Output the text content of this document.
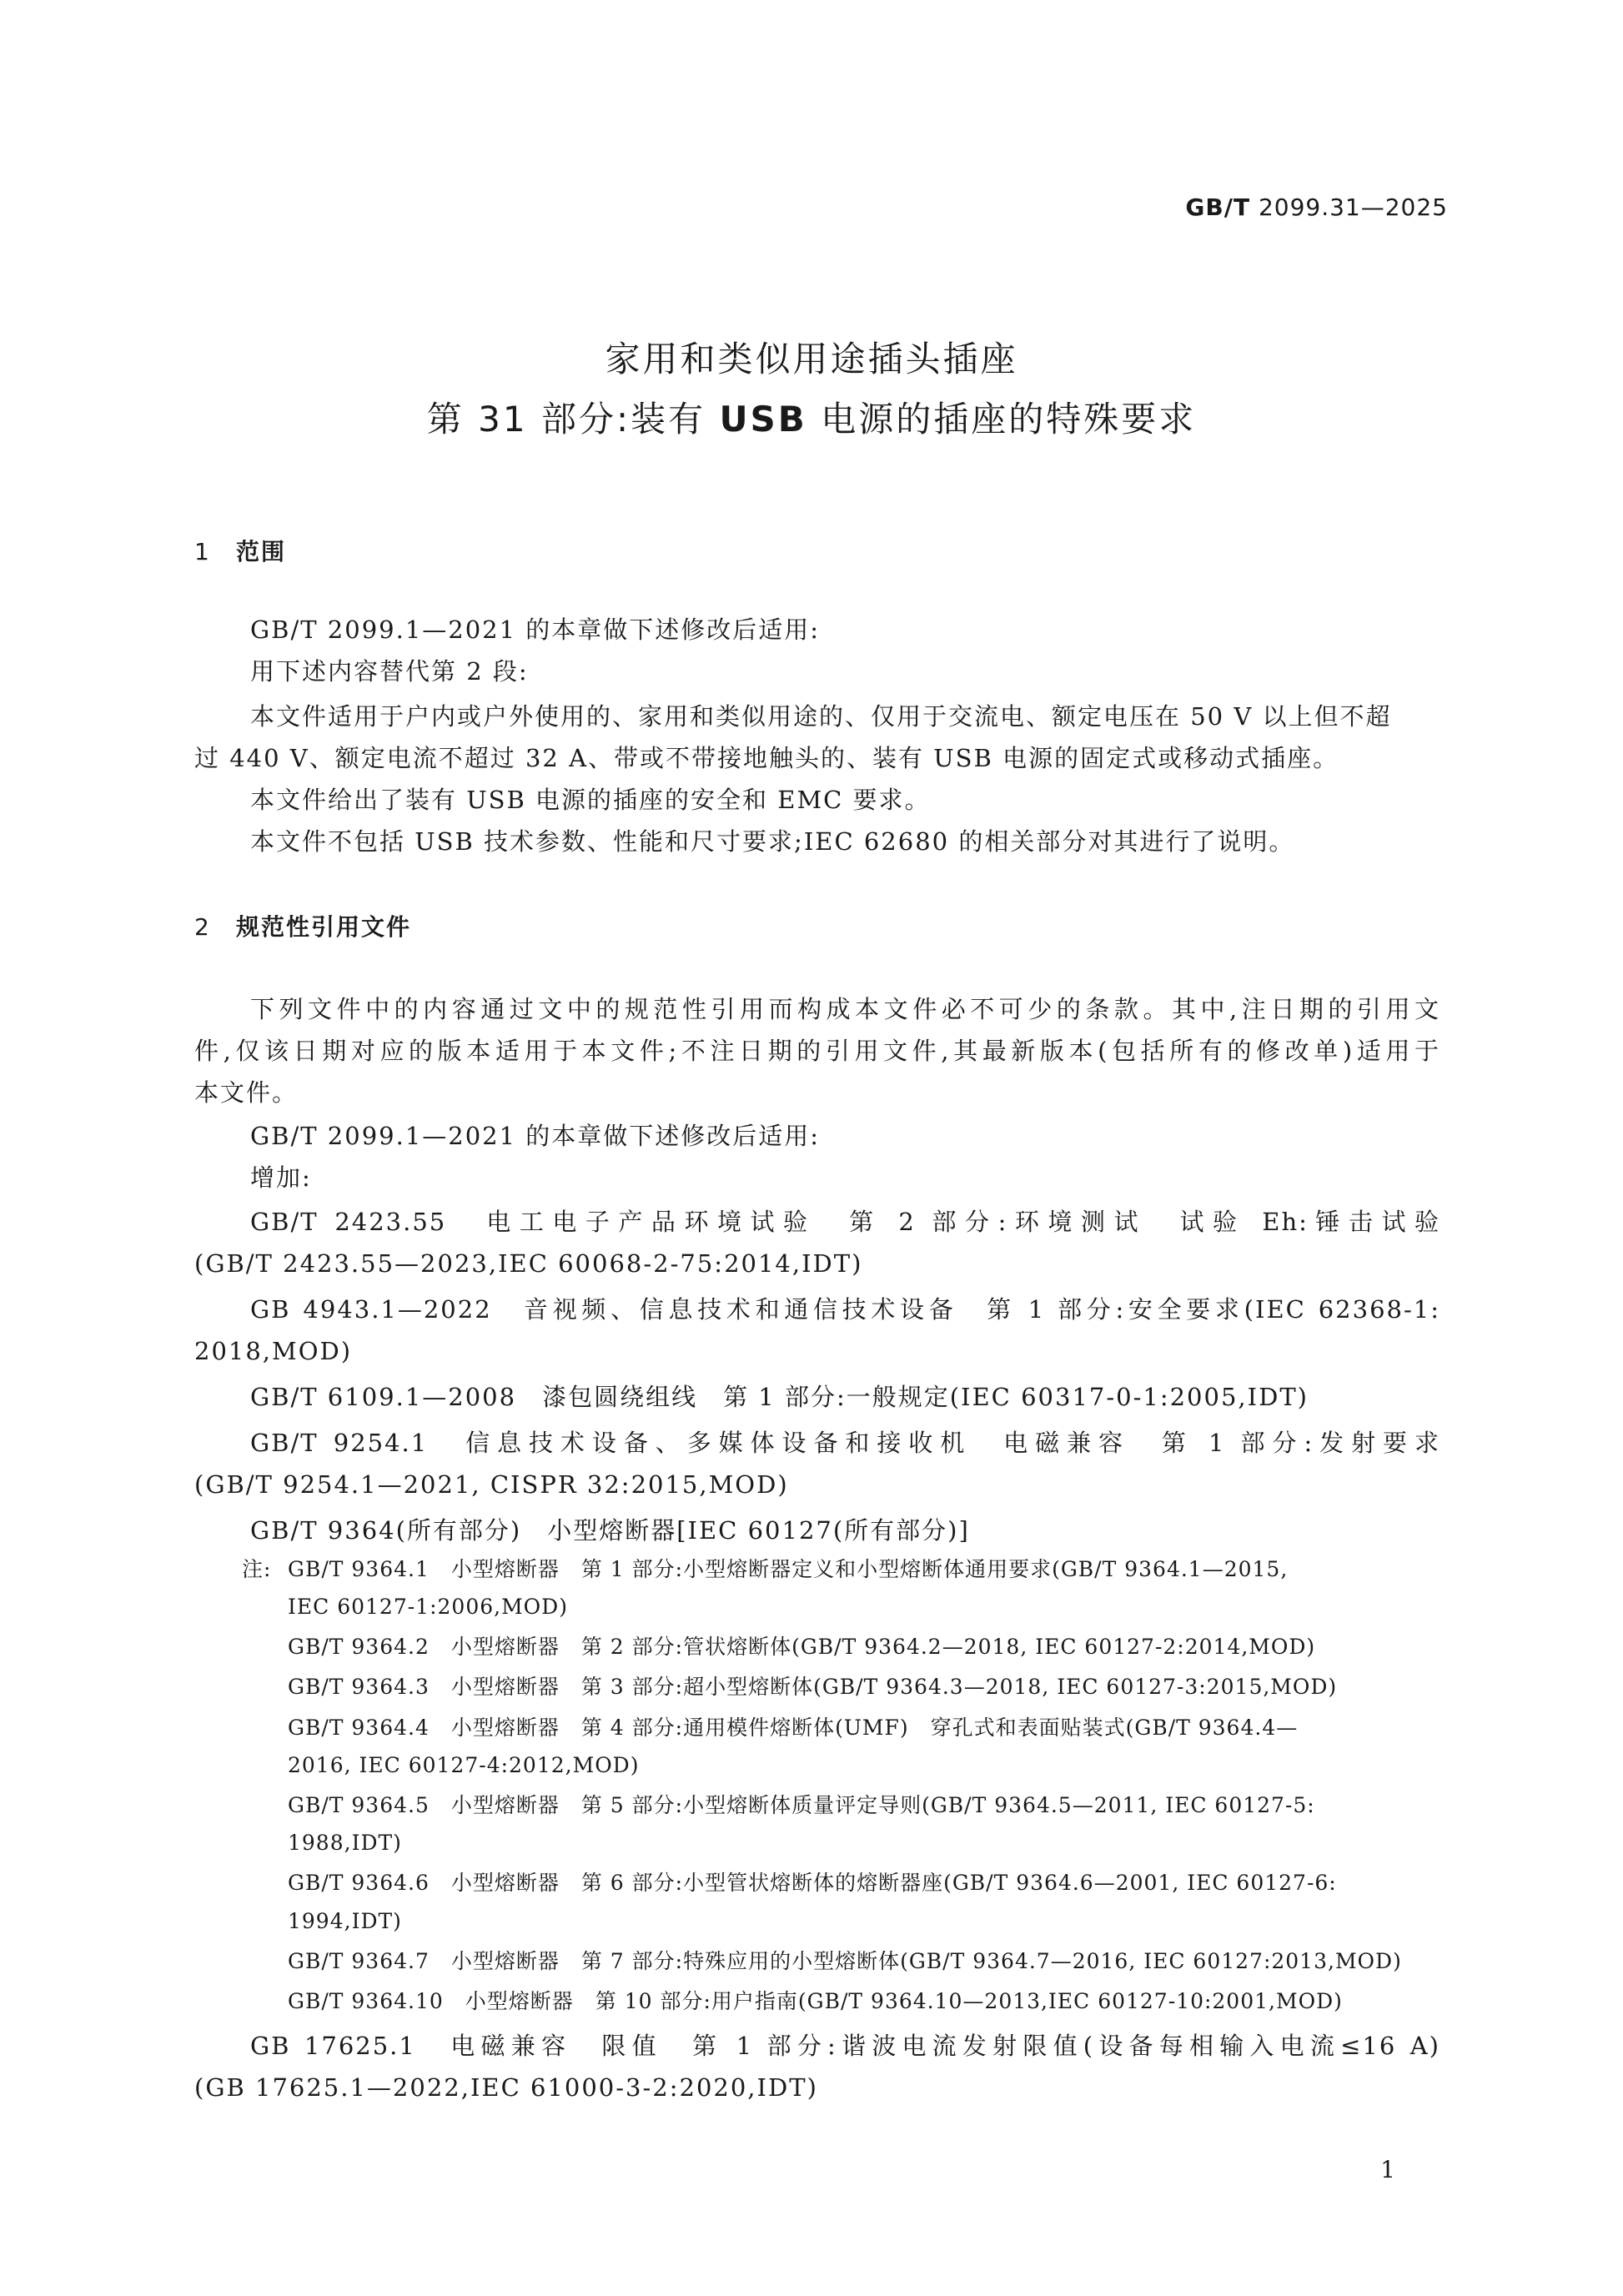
GB/T 2099.31—2025
家用和类似用途插头插座
第 31 部分:装有 USB 电源的插座的特殊要求
1 范围
GB/T 2099.1—2021 的本章做下述修改后适用:
用下述内容替代第 2 段:
本文件适用于户内或户外使用的、家用和类似用途的、仅用于交流电、额定电压在 50 V 以上但不超
过 440 V、额定电流不超过 32 A、带或不带接地触头的、装有 USB 电源的固定式或移动式插座。
本文件给出了装有 USB 电源的插座的安全和 EMC 要求。
本文件不包括 USB 技术参数、性能和尺寸要求;IEC 62680 的相关部分对其进行了说明。
2 规范性引用文件
下列文件中的内容通过文中的规范性引用而构成本文件必不可少的条款。其中,注日期的引用文
件,仅该日期对应的版本适用于本文件;不注日期的引用文件,其最新版本(包括所有的修改单)适用于
本文件。
GB/T 2099.1—2021 的本章做下述修改后适用:
增加:
GB/T 2423.55　电工电子产品环境试验　第 2 部分:环境测试　试验 Eh:锤击试验
(GB/T 2423.55—2023,IEC 60068-2-75:2014,IDT)
GB 4943.1—2022　音视频、信息技术和通信技术设备　第 1 部分:安全要求(IEC 62368-1:
2018,MOD)
GB/T 6109.1—2008　漆包圆绕组线　第 1 部分:一般规定(IEC 60317-0-1:2005,IDT)
GB/T 9254.1　信息技术设备、多媒体设备和接收机　电磁兼容　第 1 部分:发射要求
(GB/T 9254.1—2021, CISPR 32:2015,MOD)
GB/T 9364(所有部分)　小型熔断器[IEC 60127(所有部分)]
注: GB/T 9364.1　小型熔断器　第 1 部分:小型熔断器定义和小型熔断体通用要求(GB/T 9364.1—2015,
IEC 60127-1:2006,MOD)
GB/T 9364.2　小型熔断器　第 2 部分:管状熔断体(GB/T 9364.2—2018, IEC 60127-2:2014,MOD)
GB/T 9364.3　小型熔断器　第 3 部分:超小型熔断体(GB/T 9364.3—2018, IEC 60127-3:2015,MOD)
GB/T 9364.4　小型熔断器　第 4 部分:通用模件熔断体(UMF)　穿孔式和表面贴装式(GB/T 9364.4—
2016, IEC 60127-4:2012,MOD)
GB/T 9364.5　小型熔断器　第 5 部分:小型熔断体质量评定导则(GB/T 9364.5—2011, IEC 60127-5:
1988,IDT)
GB/T 9364.6　小型熔断器　第 6 部分:小型管状熔断体的熔断器座(GB/T 9364.6—2001, IEC 60127-6:
1994,IDT)
GB/T 9364.7　小型熔断器　第 7 部分:特殊应用的小型熔断体(GB/T 9364.7—2016, IEC 60127:2013,MOD)
GB/T 9364.10　小型熔断器　第 10 部分:用户指南(GB/T 9364.10—2013,IEC 60127-10:2001,MOD)
GB 17625.1　电磁兼容　限值　第 1 部分:谐波电流发射限值(设备每相输入电流≤16 A)
(GB 17625.1—2022,IEC 61000-3-2:2020,IDT)
1
